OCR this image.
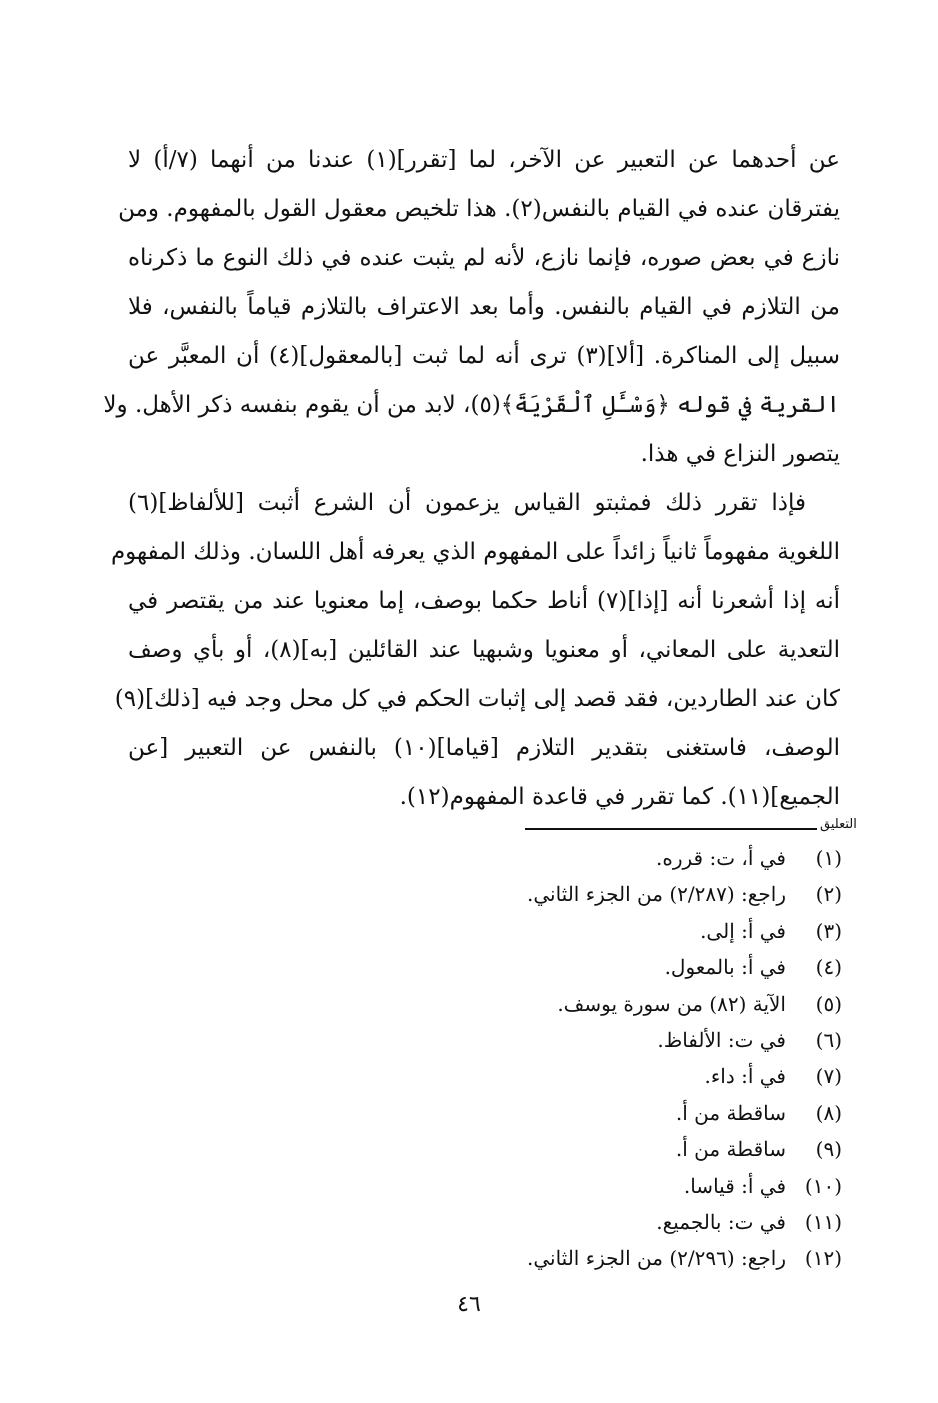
عن أحدهما عن التعبير عن الآخر، لما [تقرر](١) عندنا من أنهما (٧/أ) لا
يفترقان عنده في القيام بالنفس(٢). هذا تلخيص معقول القول بالمفهوم. ومن
نازع في بعض صوره، فإنما نازع، لأنه لم يثبت عنده في ذلك النوع ما ذكرناه
من التلازم في القيام بالنفس. وأما بعد الاعتراف بالتلازم قياماً بالنفس، فلا
سبيل إلى المناكرة. [ألا](٣) ترى أنه لما ثبت [بالمعقول](٤) أن المعبَّر عن
القرية في قوله ﴿وَسْـَٔلِ ٱلْقَرْيَةَ﴾(٥)، لابد من أن يقوم بنفسه ذكر الأهل. ولا
يتصور النزاع في هذا.
فإذا تقرر ذلك فمثبتو القياس يزعمون أن الشرع أثبت [للألفاظ](٦)
اللغوية مفهوماً ثانياً زائداً على المفهوم الذي يعرفه أهل اللسان. وذلك المفهوم
أنه إذا أشعرنا أنه [إذا](٧) أناط حكما بوصف، إما معنويا عند من يقتصر في
التعدية على المعاني، أو معنويا وشبهيا عند القائلين [به](٨)، أو بأي وصف
كان عند الطاردين، فقد قصد إلى إثبات الحكم في كل محل وجد فيه [ذلك](٩)
الوصف، فاستغنى بتقدير التلازم [قياما](١٠) بالنفس عن التعبير [عن
الجميع](١١). كما تقرر في قاعدة المفهوم(١٢).
التعليق
(١)
في أ، ت: قرره.
(٢)
راجع: (٢/٢٨٧) من الجزء الثاني.
(٣)
في أ: إلى.
(٤)
في أ: بالمعول.
(٥)
الآية (٨٢) من سورة يوسف.
(٦)
في ت: الألفاظ.
(٧)
في أ: داء.
(٨)
ساقطة من أ.
(٩)
ساقطة من أ.
(١٠)
في أ: قياسا.
(١١)
في ت: بالجميع.
(١٢)
راجع: (٢/٢٩٦) من الجزء الثاني.
٤٦
